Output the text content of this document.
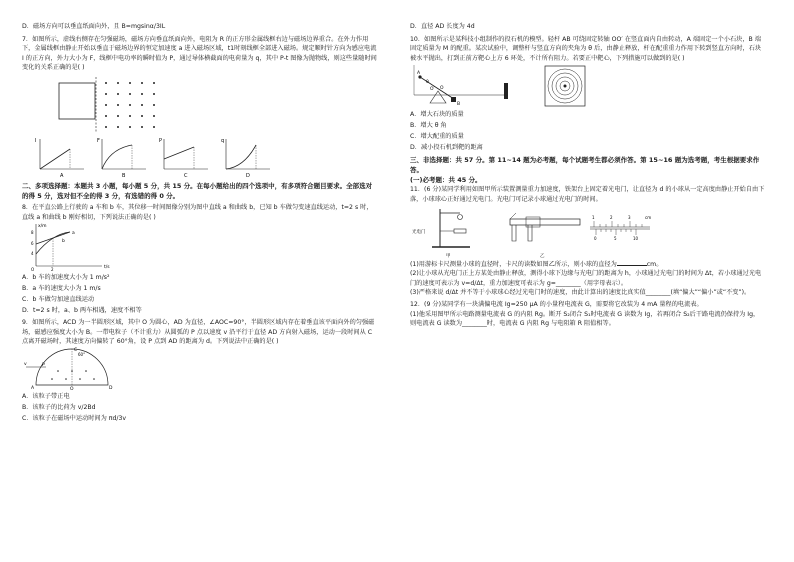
D．磁场方向可以垂直纸面向外，且 B=mgsinα/3IL

7．如图所示，虚线右侧存在匀强磁场，磁场方向垂直纸面向外，电阻为 R 的正方形金属线框右边与磁场边界重合。在外力作用下，金属线框由静止开始以垂直于磁场边界的恒定加速度 a 进入磁场区域，t1时刻线框全部进入磁场。规定顺时针方向为感应电流 I 的正方向，外力大小为 F，线框中电功率的瞬时值为 P，通过导体横截面的电荷量为 q，其中 P-t 图像为抛物线，则这些量随时间变化的关系正确的是( )

I
A
F
B
P
C
q
D

二、多项选择题：本题共 3 小题，每小题 5 分，共 15 分。在每小题给出的四个选项中，有多项符合题目要求。全部选对的得 5 分，选对但不全的得 3 分，有选错的得 0 分。

8．在平直公路上行驶的 a 车和 b 车，其位移一时间图像分别为图中直线 a 和曲线 b，已知 b 车做匀变速直线运动，t=2 s 时，直线 a 和曲线 b 刚好相切，下列说法正确的是( )

x/m
t/s
a
b
8
6
4
2
O

A．b 车的加速度大小为 1 m/s²

B．a 车的速度大小为 1 m/s

C．b 车做匀加速直线运动

D．t=2 s 时，a、b 两车相遇，速度不相等

9．如图所示，ACD 为一半圆形区域，其中 O 为圆心，AD 为直径，∠AOC=90°，半圆形区域内存在着垂直该平面向外的匀强磁场，磁感应强度大小为 B。一带电粒子（不计重力）从圆弧的 P 点以速度 v 沿平行于直径 AD 方向射入磁场，运动一段时间从 C 点离开磁场时，其速度方向偏转了 60°角，设 P 点到 AD 的距离为 d。下列说法中正确的是( )

C
60°
P
v
A	O	D

A．该粒子带正电

B．该粒子的比荷为 v/2Bd

C．该粒子在磁场中运动时间为 πd/3v

D．直径 AD 长度为 4d

10．如图所示是某科技小组制作的投石机的模型。轻杆 AB 可绕固定转轴 OO′ 在竖直面内自由转动，A 端固定一个小石块，B 端固定质量为 M 的配重。某次试验中，调整杆与竖直方向的夹角为 θ 后，由静止释放，杆在配重重力作用下转到竖直方向时，石块被水平抛出，打到正前方靶心上方 6 环处，不计所有阻力。若要正中靶心，下列措施可以做到的是( )

A
B
O
O′
θ

A．增大石块的质量

B．增大 θ 角

C．增大配重的质量

D．减小投石机到靶的距离

三、非选择题：共 57 分。第 11~14 题为必考题，每个试题考生都必须作答。第 15~16 题为选考题，考生根据要求作答。

(一)必考题：共 45 分。

11．(6 分)某同学利用如图甲所示装置测量重力加速度，铁架台上固定着光电门，让直径为 d 的小球从一定高度由静止开始自由下落，小球球心正好通过光电门。光电门可记录小球通过光电门的时间。

光电门
甲	乙
1	2	3	cm
0	5	10

(1)用游标卡尺测量小球的直径时，卡尺的读数如图乙所示，则小球的直径为	cm。

(2)让小球从光电门正上方某处由静止释放，测得小球下边缘与光电门的距离为 h，小球通过光电门的时间为 Δt，若小球通过光电门的速度可表示为 v=d/Δt，重力加速度可表示为 g=________（用字母表示）。

(3)严格来说 d/Δt 并不等于小球球心经过光电门时的速度，由此计算出的速度比真实值________(填“偏大”“偏小”或“不变”)。

12．(9 分)某同学有一块满偏电流 Ig=250 μA 的小量程电流表 G，需要将它改装为 4 mA 量程的电流表。

(1)他采用图甲所示电路测量电流表 G 的内阻 Rg。断开 S₂闭合 S₁时电流表 G 读数为 Ig，若再闭合 S₂后干路电流仍保持为 Ig，则电流表 G 读数为________时，电流表 G 内阻 Rg 与电阻箱 R 阻值相等。
